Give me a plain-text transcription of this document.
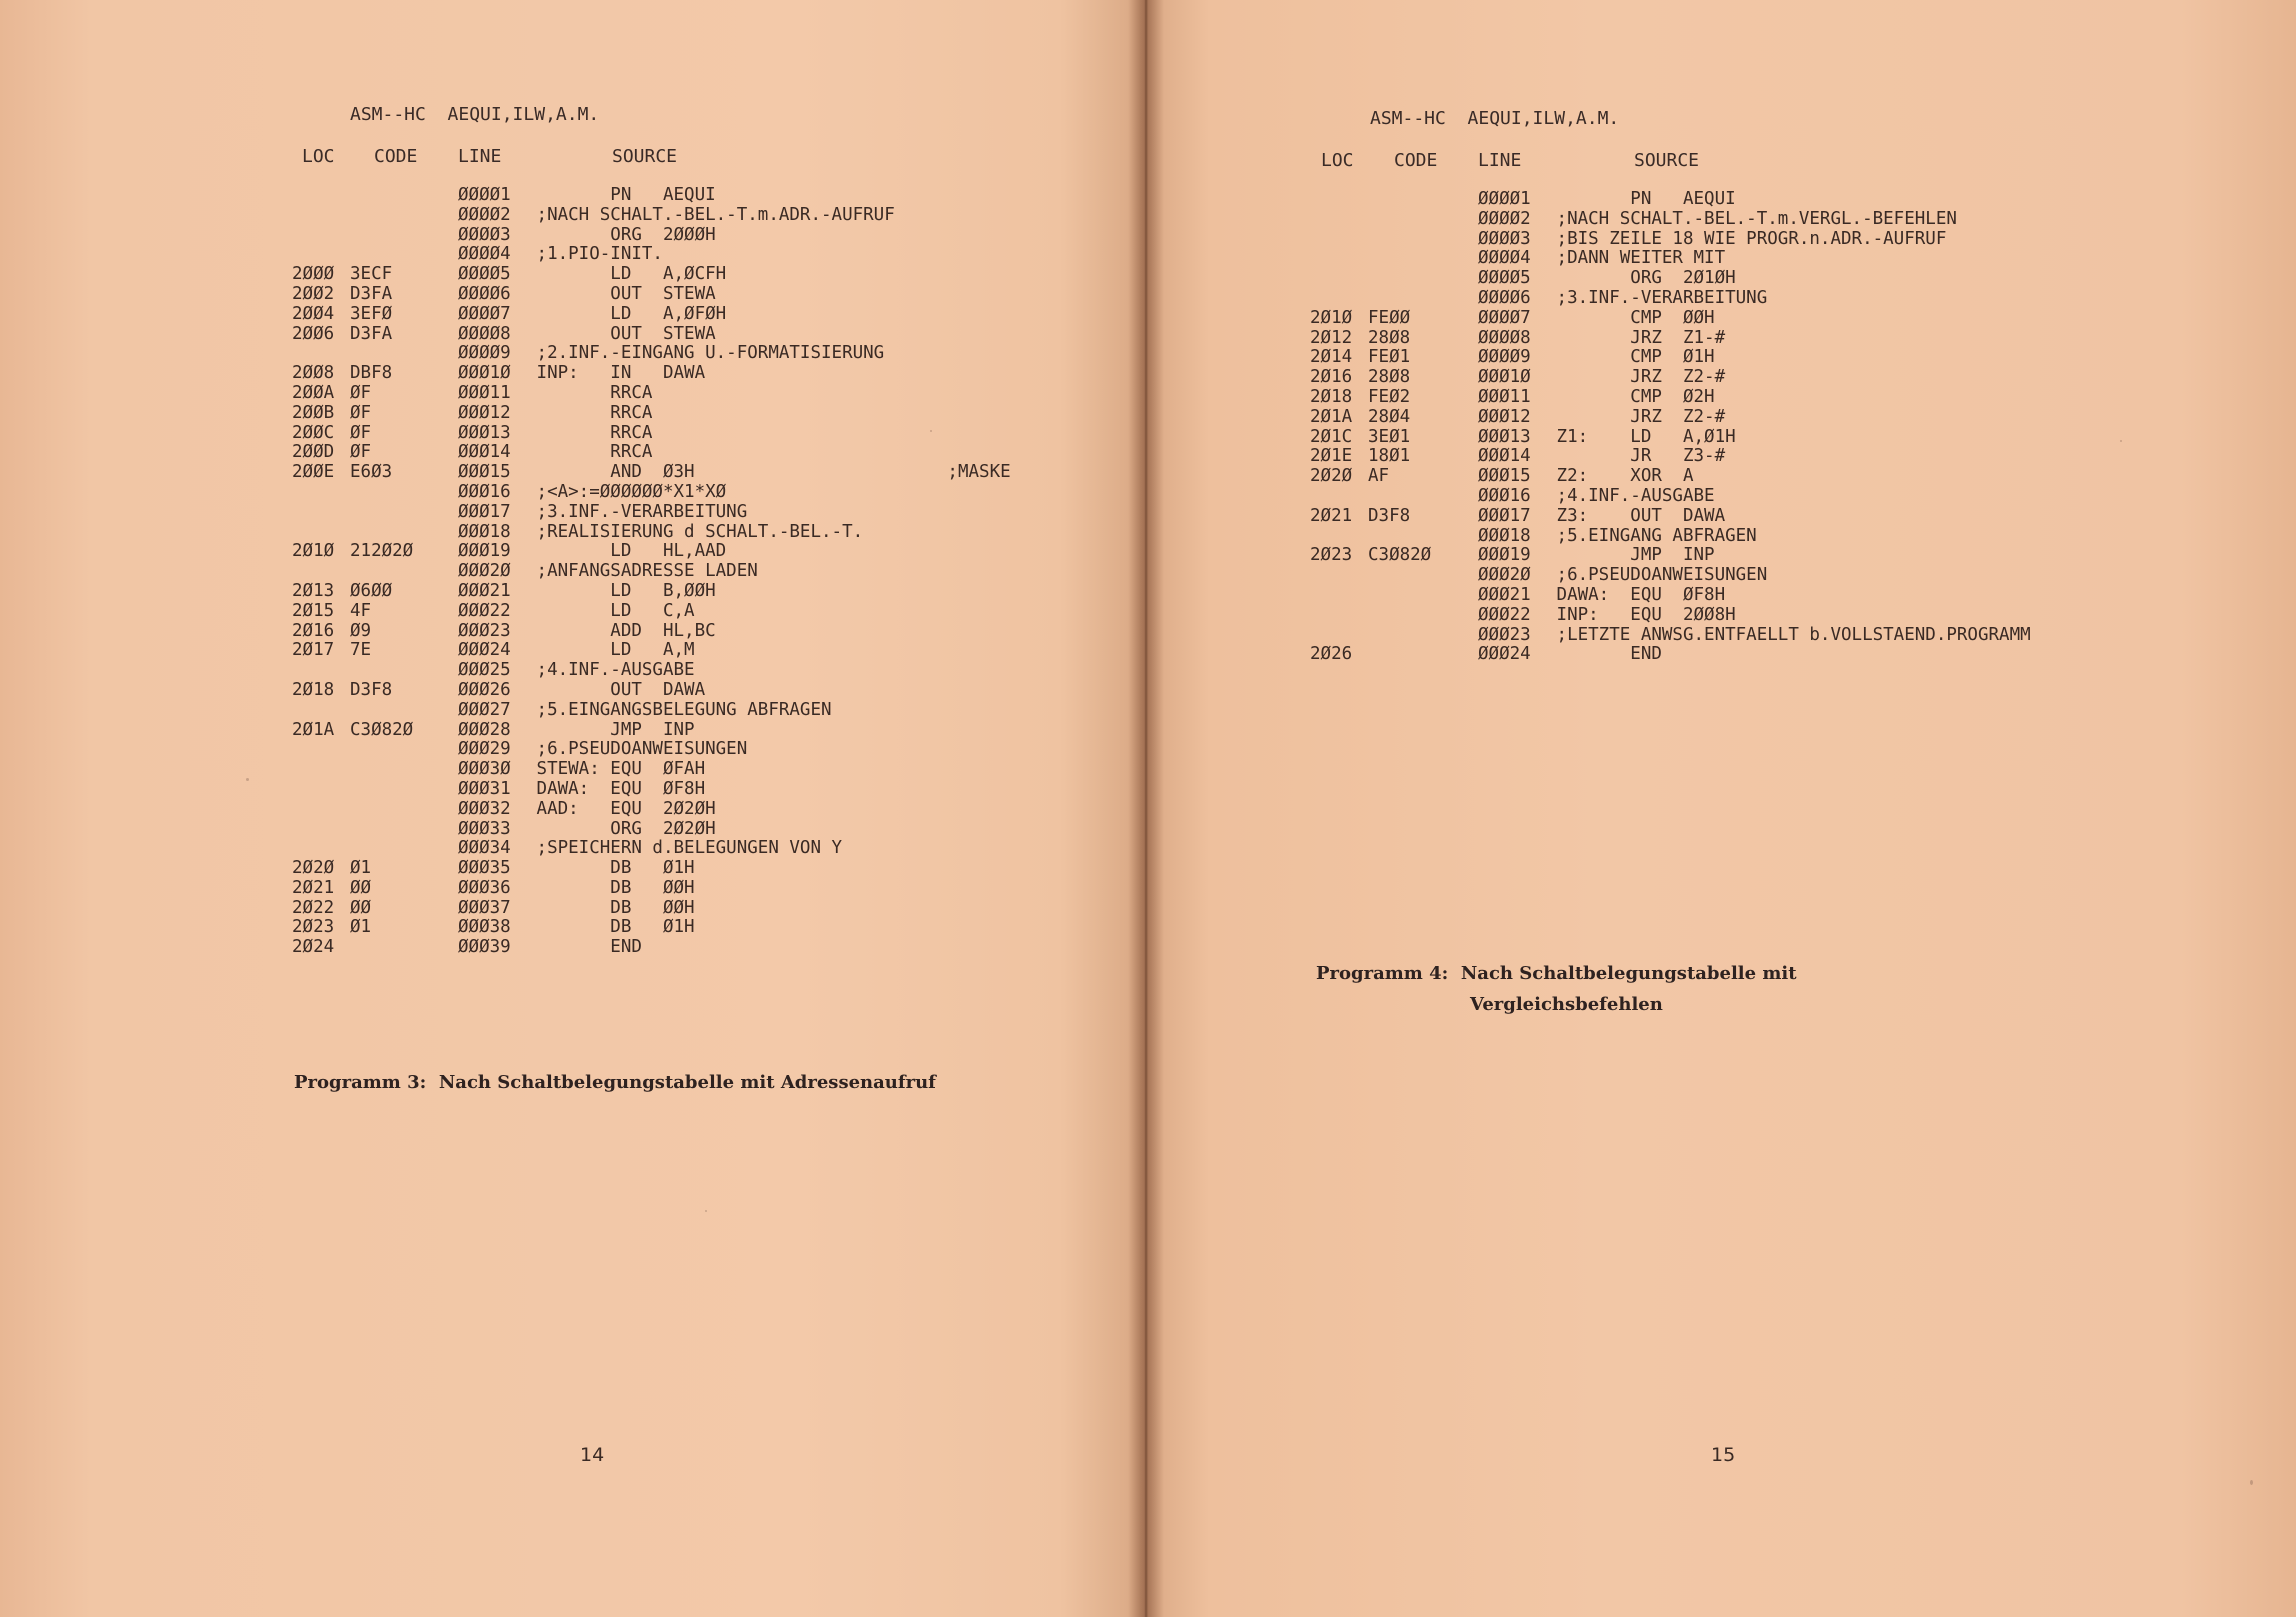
ASM--HC  AEQUI,ILW,A.M.
LOC CODE LINE	SOURCE
ØØØØ1 PN   AEQUI
ØØØØ2 ;NACH SCHALT.-BEL.-T.m.ADR.-AUFRUF
ØØØØ3 ORG  2ØØØH
ØØØØ4 ;1.PIO-INIT.
2ØØØ 3ECF	ØØØØ5 LD   A,ØCFH
2ØØ2 D3FA	ØØØØ6 OUT  STEWA
2ØØ4 3EFØ	ØØØØ7 LD   A,ØFØH
2ØØ6 D3FA	ØØØØ8 OUT  STEWA
ØØØØ9 ;2.INF.-EINGANG U.-FORMATISIERUNG
2ØØ8 DBF8	ØØØ1Ø INP:   IN   DAWA
2ØØA ØF	ØØØ11 RRCA
2ØØB ØF	ØØØ12 RRCA
2ØØC ØF	ØØØ13 RRCA
2ØØD ØF	ØØØ14 RRCA
2ØØE E6Ø3	ØØØ15 AND  Ø3H                        ;MASKE
ØØØ16 ;<A>:=ØØØØØØ*X1*XØ
ØØØ17 ;3.INF.-VERARBEITUNG
ØØØ18 ;REALISIERUNG d SCHALT.-BEL.-T.
2Ø1Ø 212Ø2Ø	ØØØ19 LD   HL,AAD
ØØØ2Ø ;ANFANGSADRESSE LADEN
2Ø13 Ø6ØØ	ØØØ21 LD   B,ØØH
2Ø15 4F	ØØØ22 LD   C,A
2Ø16 Ø9	ØØØ23 ADD  HL,BC
2Ø17 7E	ØØØ24 LD   A,M
ØØØ25 ;4.INF.-AUSGABE
2Ø18 D3F8	ØØØ26 OUT  DAWA
ØØØ27 ;5.EINGANGSBELEGUNG ABFRAGEN
2Ø1A C3Ø82Ø	ØØØ28 JMP  INP
ØØØ29 ;6.PSEUDOANWEISUNGEN
ØØØ3Ø STEWA: EQU  ØFAH
ØØØ31 DAWA:  EQU  ØF8H
ØØØ32 AAD:   EQU  2Ø2ØH
ØØØ33 ORG  2Ø2ØH
ØØØ34 ;SPEICHERN d.BELEGUNGEN VON Y
2Ø2Ø Ø1	ØØØ35 DB   Ø1H
2Ø21 ØØ	ØØØ36 DB   ØØH
2Ø22 ØØ	ØØØ37 DB   ØØH
2Ø23 Ø1	ØØØ38 DB   Ø1H
2Ø24	ØØØ39 END
Programm 3: Nach Schaltbelegungstabelle mit Adressenaufruf
14
ASM--HC  AEQUI,ILW,A.M.
LOC CODE LINE	SOURCE
ØØØØ1 PN   AEQUI
ØØØØ2 ;NACH SCHALT.-BEL.-T.m.VERGL.-BEFEHLEN
ØØØØ3 ;BIS ZEILE 18 WIE PROGR.n.ADR.-AUFRUF
ØØØØ4 ;DANN WEITER MIT
ØØØØ5 ORG  2Ø1ØH
ØØØØ6 ;3.INF.-VERARBEITUNG
2Ø1Ø FEØØ	ØØØØ7 CMP  ØØH
2Ø12 28Ø8	ØØØØ8 JRZ  Z1-#
2Ø14 FEØ1	ØØØØ9 CMP  Ø1H
2Ø16 28Ø8	ØØØ1Ø JRZ  Z2-#
2Ø18 FEØ2	ØØØ11 CMP  Ø2H
2Ø1A 28Ø4	ØØØ12 JRZ  Z2-#
2Ø1C 3EØ1	ØØØ13 Z1:    LD   A,Ø1H
2Ø1E 18Ø1	ØØØ14 JR   Z3-#
2Ø2Ø AF	ØØØ15 Z2:    XOR  A
ØØØ16 ;4.INF.-AUSGABE
2Ø21 D3F8	ØØØ17 Z3:    OUT  DAWA
ØØØ18 ;5.EINGANG ABFRAGEN
2Ø23 C3Ø82Ø	ØØØ19 JMP  INP
ØØØ2Ø ;6.PSEUDOANWEISUNGEN
ØØØ21 DAWA:  EQU  ØF8H
ØØØ22 INP:   EQU  2ØØ8H
ØØØ23 ;LETZTE ANWSG.ENTFAELLT b.VOLLSTAEND.PROGRAMM
2Ø26	ØØØ24 END
Programm 4: Nach Schaltbelegungstabelle mit
Vergleichsbefehlen
15
